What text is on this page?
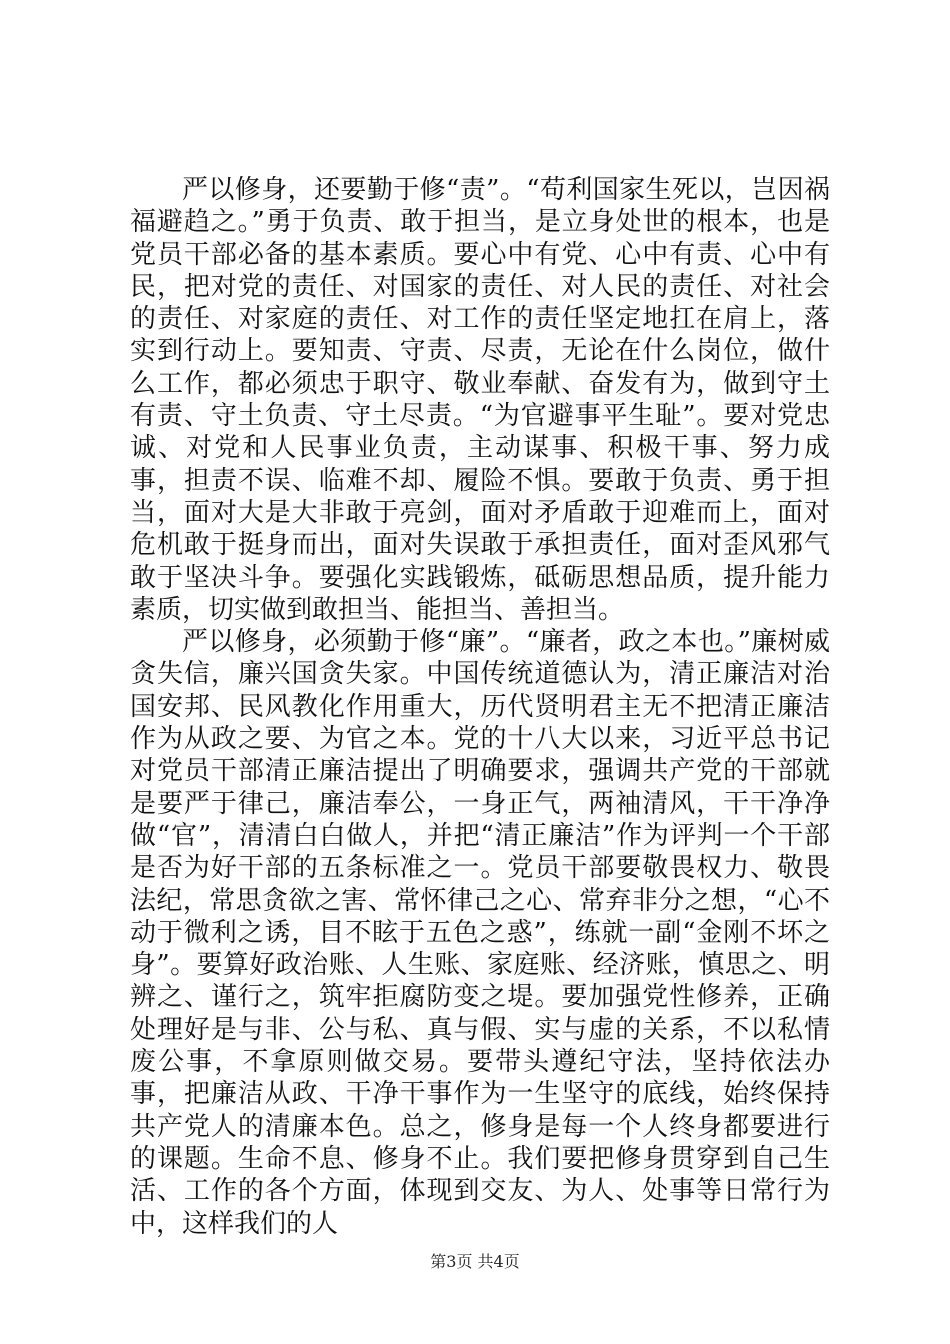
严以修身，还要勤于修“责”。“苟利国家生死以，岂因祸福避趋之。”勇于负责、敢于担当，是立身处世的根本，也是党员干部必备的基本素质。要心中有党、心中有责、心中有民，把对党的责任、对国家的责任、对人民的责任、对社会的责任、对家庭的责任、对工作的责任坚定地扛在肩上，落实到行动上。要知责、守责、尽责，无论在什么岗位，做什么工作，都必须忠于职守、敬业奉献、奋发有为，做到守土有责、守土负责、守土尽责。“为官避事平生耻”。要对党忠诚、对党和人民事业负责，主动谋事、积极干事、努力成事，担责不误、临难不却、履险不惧。要敢于负责、勇于担当，面对大是大非敢于亮剑，面对矛盾敢于迎难而上，面对危机敢于挺身而出，面对失误敢于承担责任，面对歪风邪气敢于坚决斗争。要强化实践锻炼，砥砺思想品质，提升能力素质，切实做到敢担当、能担当、善担当。

严以修身，必须勤于修“廉”。“廉者，政之本也。”廉树威贪失信，廉兴国贪失家。中国传统道德认为，清正廉洁对治国安邦、民风教化作用重大，历代贤明君主无不把清正廉洁作为从政之要、为官之本。党的十八大以来，习近平总书记对党员干部清正廉洁提出了明确要求，强调共产党的干部就是要严于律己，廉洁奉公，一身正气，两袖清风，干干净净做“官”，清清白白做人，并把“清正廉洁”作为评判一个干部是否为好干部的五条标准之一。党员干部要敬畏权力、敬畏法纪，常思贪欲之害、常怀律己之心、常弃非分之想，“心不动于微利之诱，目不眩于五色之惑”，练就一副“金刚不坏之身”。要算好政治账、人生账、家庭账、经济账，慎思之、明辨之、谨行之，筑牢拒腐防变之堤。要加强党性修养，正确处理好是与非、公与私、真与假、实与虚的关系，不以私情废公事，不拿原则做交易。要带头遵纪守法，坚持依法办事，把廉洁从政、干净干事作为一生坚守的底线，始终保持共产党人的清廉本色。总之，修身是每一个人终身都要进行的课题。生命不息、修身不止。我们要把修身贯穿到自己生活、工作的各个方面，体现到交友、为人、处事等日常行为中，这样我们的人

第3页 共4页
